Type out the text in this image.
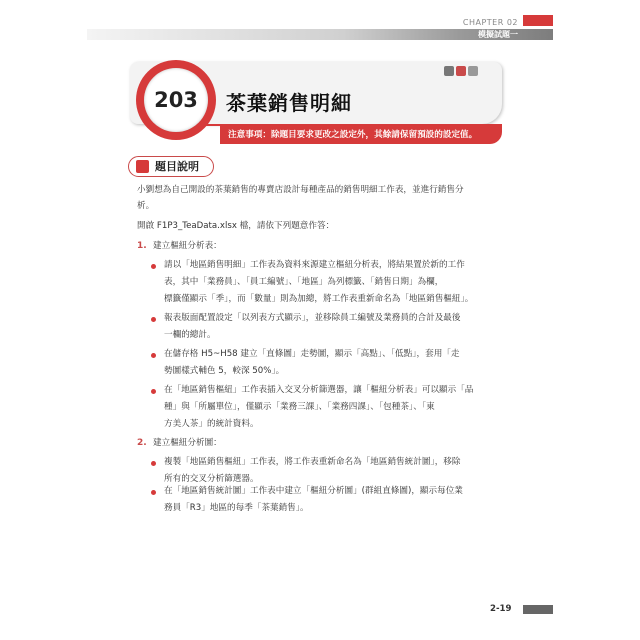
CHAPTER 02
模擬試題一
203	茶葉銷售明細
注意事項：除題目要求更改之設定外，其餘請保留預設的設定值。
題目說明
小劉想為自己開設的茶葉銷售的專賣店設計每種產品的銷售明細工作表，並進行銷售分
析。
開啟 F1P3_TeaData.xlsx 檔，請依下列題意作答：
1. 建立樞紐分析表：
請以「地區銷售明細」工作表為資料來源建立樞紐分析表，將結果置於新的工作
表，其中「業務員」、「員工編號」、「地區」為列標籤、「銷售日期」為欄，
標籤僅顯示「季」，而「數量」則為加總，將工作表重新命名為「地區銷售樞紐」。
報表版面配置設定「以列表方式顯示」，並移除員工編號及業務員的合計及最後
一欄的總計。
在儲存格 H5~H58 建立「直條圖」走勢圖，顯示「高點」、「低點」，套用「走
勢圖樣式輔色 5，較深 50%」。
在「地區銷售樞紐」工作表插入交叉分析篩選器，讓「樞紐分析表」可以顯示「品
種」與「所屬單位」，僅顯示「業務三課」、「業務四課」、「包種茶」、「東
方美人茶」的統計資料。
2. 建立樞紐分析圖：
複製「地區銷售樞紐」工作表，將工作表重新命名為「地區銷售統計圖」，移除
所有的交叉分析篩選器。
在「地區銷售統計圖」工作表中建立「樞紐分析圖」(群組直條圖)，顯示每位業
務員「R3」地區的每季「茶葉銷售」。
2-19
